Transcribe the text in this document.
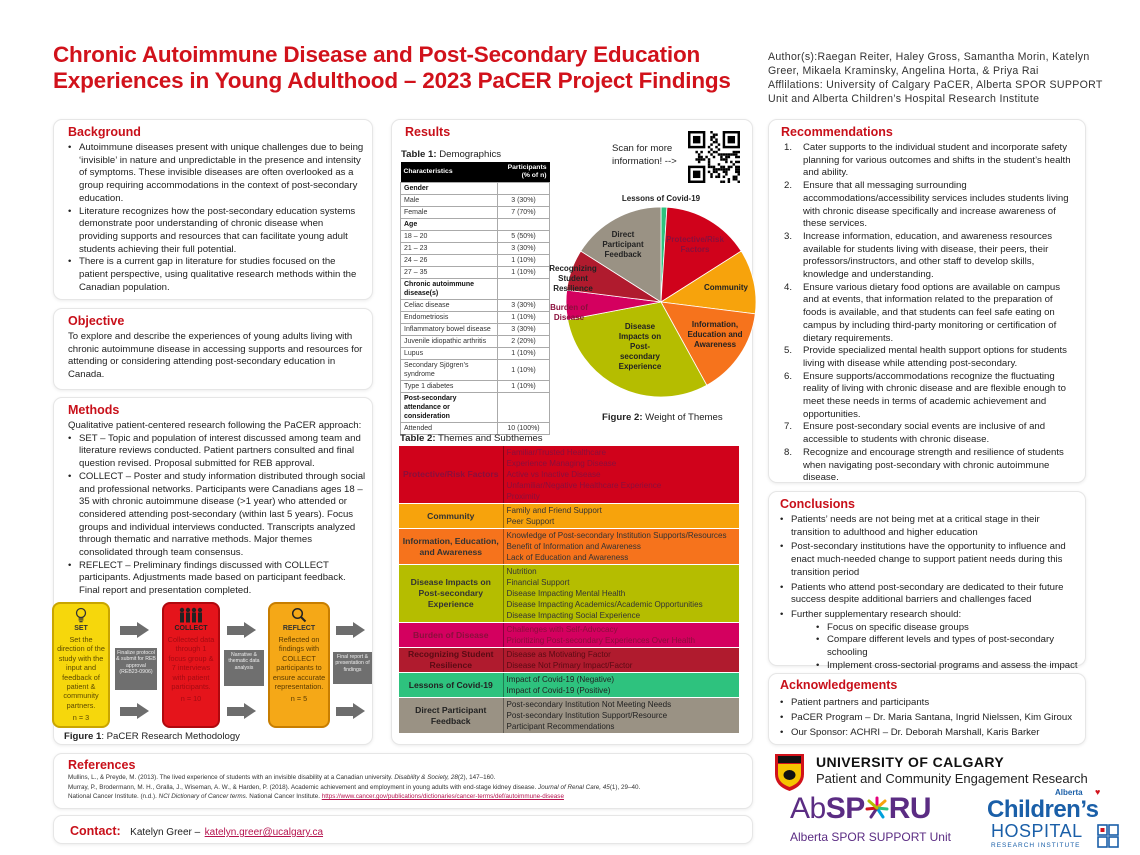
Chronic Autoimmune Disease and Post-Secondary Education
Experiences in Young Adulthood – 2023 PaCER Project Findings
Author(s):Raegan Reiter, Haley Gross, Samantha Morin, Katelyn Greer, Mikaela Kraminsky, Angelina Horta, & Priya Rai
Afflilations: University of Calgary PaCER, Alberta SPOR SUPPORT Unit and Alberta Children’s Hospital Research Institute
Background
• Autoimmune diseases present with unique challenges due to being ‘invisible’ in nature and unpredictable in the presence and intensity of symptoms. These invisible diseases are often overlooked as a group requiring accommodations in the context of post-secondary education.
• Literature recognizes how the post-secondary education systems demonstrate poor understanding of chronic disease when providing supports and resources that can facilitate young adult students achieving their full potential.
• There is a current gap in literature for studies focused on the patient perspective, using qualitative research methods within the Canadian population.
Objective
To explore and describe the experiences of young adults living with chronic autoimmune disease in accessing supports and resources for attending or considering attending post-secondary education in Canada.
Methods
Qualitative patient-centered research following the PaCER approach:
• SET – Topic and population of interest discussed among team and literature reviews conducted. Patient partners consulted and final question revised. Proposal submitted for REB approval.
• COLLECT – Poster and study information distributed through social and professional networks. Participants were Canadians ages 18 – 35 with chronic autoimmune disease (>1 year) who attended or considered attending post-secondary (within last 5 years). Focus groups and individual interviews conducted. Transcripts analyzed through thematic and narrative methods. Major themes consolidated through team consensus.
• REFLECT – Preliminary findings discussed with COLLECT participants. Adjustments made based on participant feedback. Final report and presentation completed.
SET
Set the direction of the study with the input and feedback of patient & community partners.
n = 3
COLLECT
Collected data through 1 focus group & 7 interviews with patient participants.
n = 10
REFLECT
Reflected on findings with COLLECT participants to ensure accurate representation.
n = 5
Finalize protocol & submit for REB approval (REB23-0906)
Narrative & thematic data analysis
Final report & presentation of findings
Figure 1: PaCER Research Methodology
Results
Table 1: Demographics
Characteristics	Participants (% of n)
Gender	
Male	3 (30%)
Female	7 (70%)
Age	
18 – 20	5 (50%)
21 – 23	3 (30%)
24 – 26	1 (10%)
27 – 35	1 (10%)
Chronic autoimmune disease(s)	
Celiac disease	3 (30%)
Endometriosis	1 (10%)
Inflammatory bowel disease	3 (30%)
Juvenile idiopathic arthritis	2 (20%)
Lupus	1 (10%)
Secondary Sjögren’s syndrome	1 (10%)
Type 1 diabetes	1 (10%)
Post-secondary attendance or consideration	
Attended	10 (100%)
Scan for more information! -->
Lessons of Covid-19
Protective/Risk Factors
Community
Information, Education and Awareness
Disease Impacts on Post-secondary Experience
Burden of Disease
Recognizing Student Resilience
Direct Participant Feedback
Figure 2: Weight of Themes
Table 2: Themes and Subthemes
Protective/Risk Factors	Familiar/Trusted Healthcare
Experience Managing Disease
Active vs Inactive Disease
Unfamiliar/Negative Healthcare Experience
Proximity

Community	Family and Friend Support
Peer Support

Information, Education, and Awareness	Knowledge of Post-secondary Institution Supports/Resources
Benefit of Information and Awareness
Lack of Education and Awareness

Disease Impacts on Post-secondary Experience	Nutrition
Financial Support
Disease Impacting Mental Health
Disease Impacting Academics/Academic Opportunities
Disease Impacting Social Experience

Burden of Disease	Challenges with Self-Advocacy
Prioritizing Post-secondary Experiences Over Health

Recognizing Student Resilience	Disease as Motivating Factor
Disease Not Primary Impact/Factor

Lessons of Covid-19	Impact of Covid-19 (Negative)
Impact of Covid-19 (Positive)

Direct Participant Feedback	Post-secondary Institution Not Meeting Needs
Post-secondary Institution Support/Resource
Participant Recommendations
Recommendations
1. Cater supports to the individual student and incorporate safety planning for various outcomes and shifts in the student’s health and ability.
2. Ensure that all messaging surrounding accommodations/accessibility services includes students living with chronic disease specifically and increase awareness of these services.
3. Increase information, education, and awareness resources available for students living with disease, their peers, their professors/instructors, and other staff to develop skills, knowledge and understanding.
4. Ensure various dietary food options are available on campus and at events, that information related to the preparation of foods is available, and that students can feel safe eating on campus by including third-party monitoring or certification of dietary requirements.
5. Provide specialized mental health support options for students living with disease while attending post-secondary.
6. Ensure supports/accommodations recognize the fluctuating reality of living with chronic disease and are flexible enough to meet these needs in terms of academic achievement and opportunities.
7. Ensure post-secondary social events are inclusive of and accessible to students with chronic disease.
8. Recognize and encourage strength and resilience of students when navigating post-secondary with chronic autoimmune disease.
Conclusions
• Patients’ needs are not being met at a critical stage in their transition to adulthood and higher education
• Post-secondary institutions have the opportunity to influence and enact much-needed change to support patient needs during this transition period
• Patients who attend post-secondary are dedicated to their future success despite additional barriers and challenges faced
• Further supplementary research should:
• Focus on specific disease groups
• Compare different levels and types of post-secondary schooling
• Implement cross-sectorial programs and assess the impact
Acknowledgements
• Patient partners and participants
• PaCER Program – Dr. Maria Santana, Ingrid Nielssen, Kim Giroux
• Our Sponsor: ACHRI – Dr. Deborah Marshall, Karis Barker
References
Mullins, L., & Preyde, M. (2013). The lived experience of students with an invisible disability at a Canadian university. Disability & Society, 28(2), 147–160.
Murray, P., Brodermann, M. H., Gralla, J., Wiseman, A. W., & Harden, P. (2018). Academic achievement and employment in young adults with end-stage kidney disease. Journal of Renal Care, 45(1), 29–40.
National Cancer Institute. (n.d.). NCI Dictionary of Cancer terms. National Cancer Institute. https://www.cancer.gov/publications/dictionaries/cancer-terms/def/autoimmune-disease
Contact: Katelyn Greer – katelyn.greer@ucalgary.ca
UNIVERSITY OF CALGARY
Patient and Community Engagement Research
AbSP RU
Alberta SPOR SUPPORT Unit
Alberta
Children’s
♥
HOSPITAL
RESEARCH INSTITUTE
